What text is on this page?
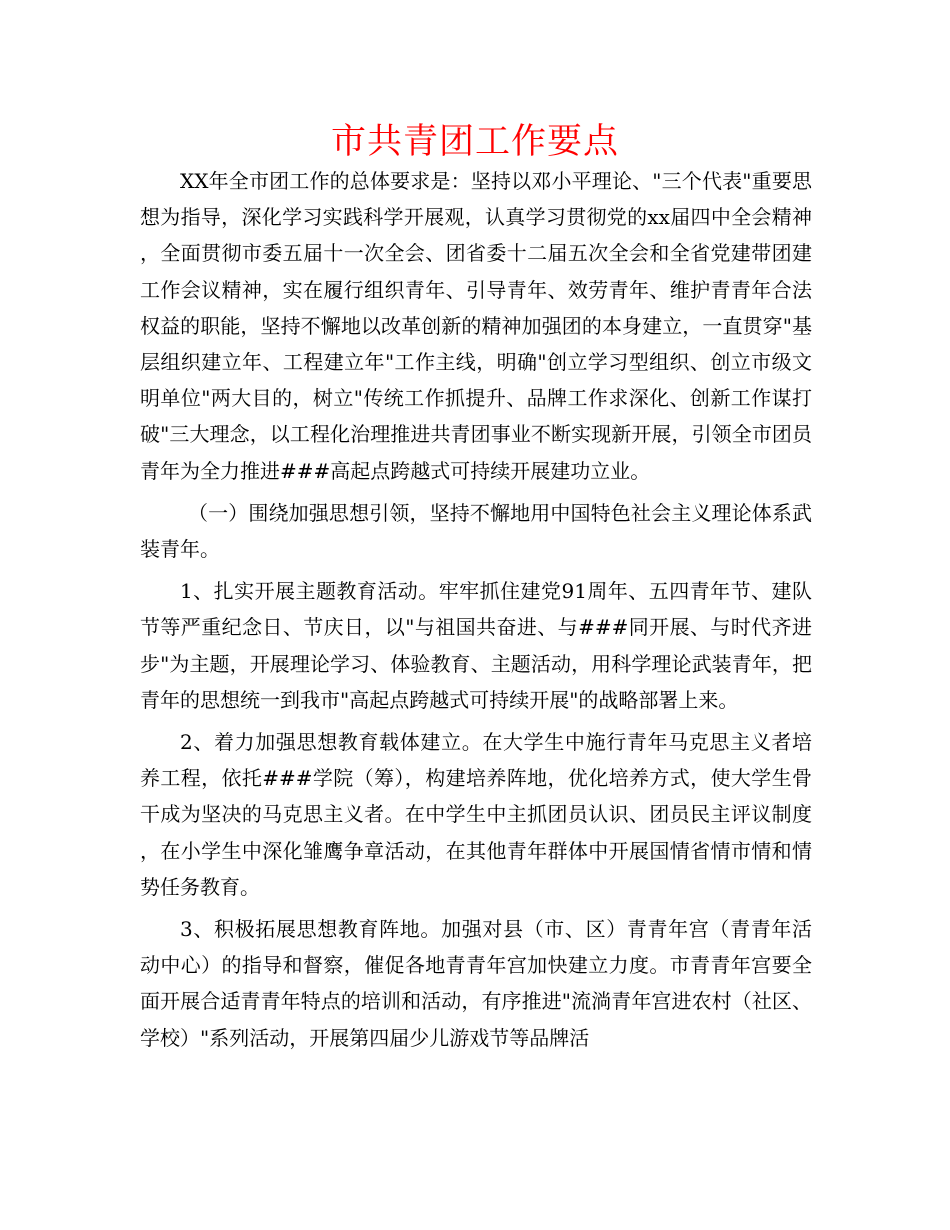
市共青团工作要点

XX年全市团工作的总体要求是：坚持以邓小平理论、"三个代表"重要思想为指导，深化学习实践科学开展观，认真学习贯彻党的xx届四中全会精神，全面贯彻市委五届十一次全会、团省委十二届五次全会和全省党建带团建工作会议精神，实在履行组织青年、引导青年、效劳青年、维护青青年合法权益的职能，坚持不懈地以改革创新的精神加强团的本身建立，一直贯穿"基层组织建立年、工程建立年"工作主线，明确"创立学习型组织、创立市级文明单位"两大目的，树立"传统工作抓提升、品牌工作求深化、创新工作谋打破"三大理念，以工程化治理推进共青团事业不断实现新开展，引领全市团员青年为全力推进###高起点跨越式可持续开展建功立业。

（一）围绕加强思想引领，坚持不懈地用中国特色社会主义理论体系武装青年。

1、扎实开展主题教育活动。牢牢抓住建党91周年、五四青年节、建队节等严重纪念日、节庆日，以"与祖国共奋进、与###同开展、与时代齐进步"为主题，开展理论学习、体验教育、主题活动，用科学理论武装青年，把青年的思想统一到我市"高起点跨越式可持续开展"的战略部署上来。

2、着力加强思想教育载体建立。在大学生中施行青年马克思主义者培养工程，依托###学院（筹），构建培养阵地，优化培养方式，使大学生骨干成为坚决的马克思主义者。在中学生中主抓团员认识、团员民主评议制度，在小学生中深化雏鹰争章活动，在其他青年群体中开展国情省情市情和情势任务教育。

3、积极拓展思想教育阵地。加强对县（市、区）青青年宫（青青年活动中心）的指导和督察，催促各地青青年宫加快建立力度。市青青年宫要全面开展合适青青年特点的培训和活动，有序推进"流淌青年宫进农村（社区、学校）"系列活动，开展第四届少儿游戏节等品牌活
